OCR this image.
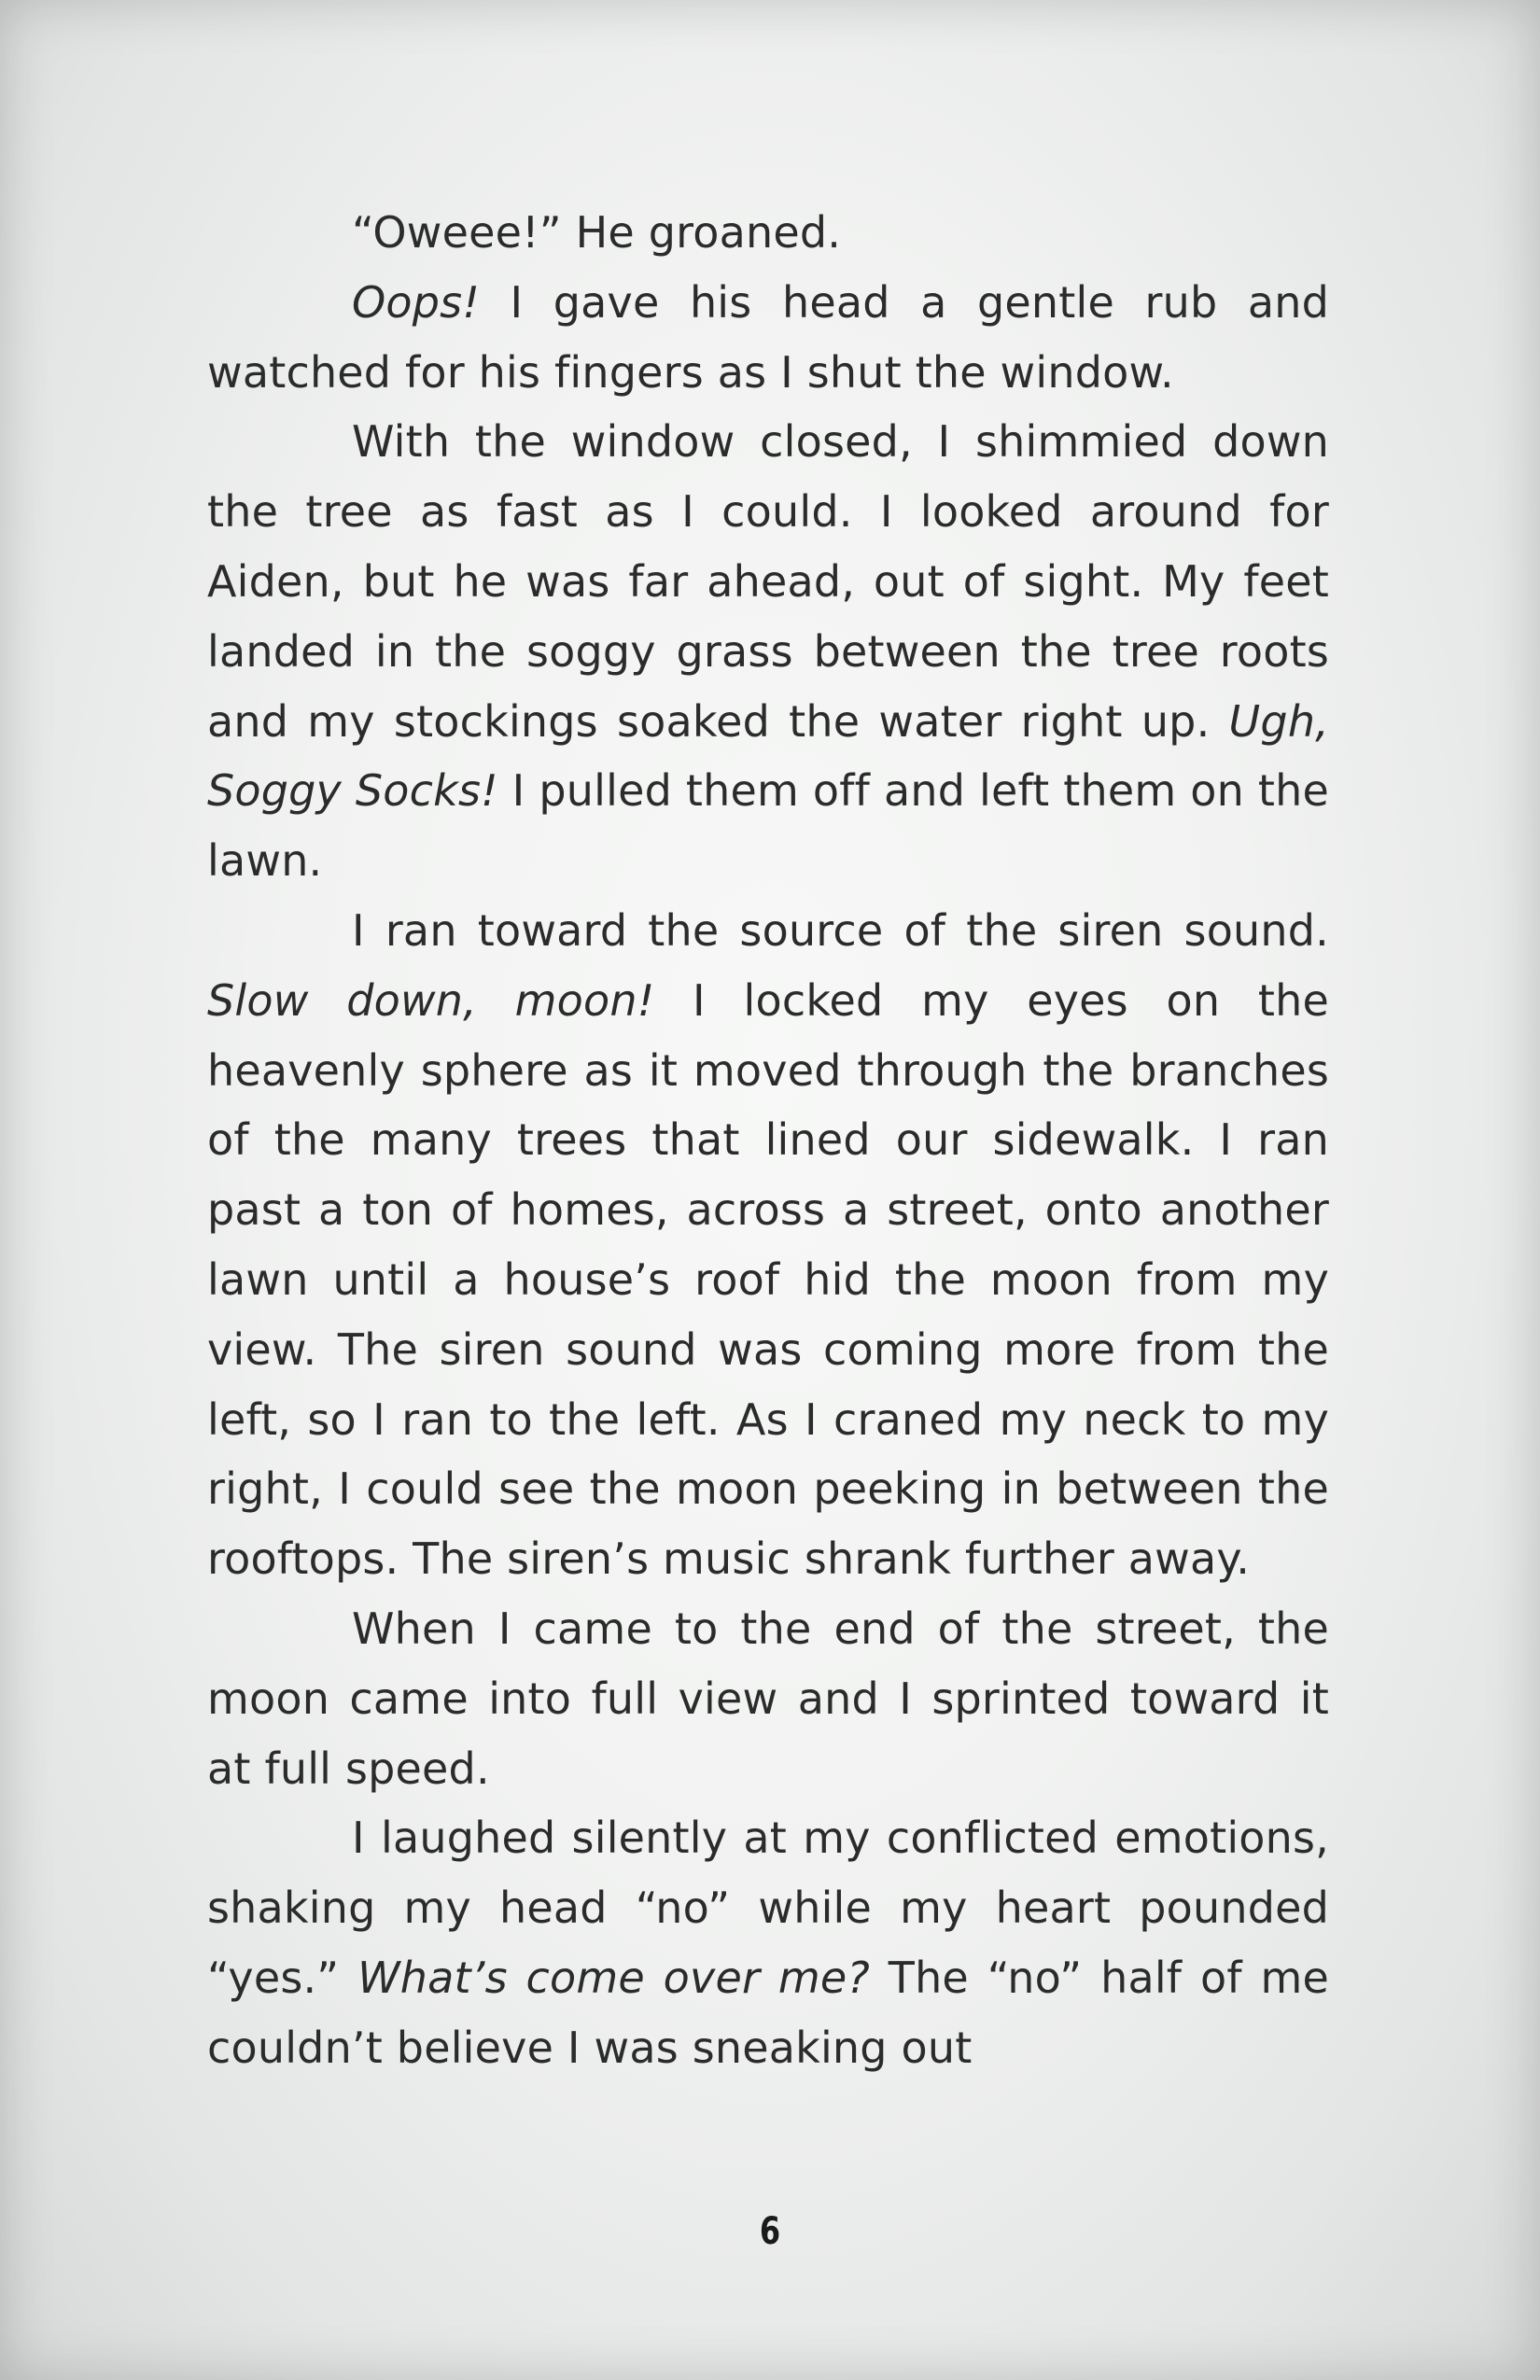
“Oweee!” He groaned.

Oops! I gave his head a gentle rub and watched for his fingers as I shut the window.

With the window closed, I shimmied down the tree as fast as I could. I looked around for Aiden, but he was far ahead, out of sight. My feet landed in the soggy grass between the tree roots and my stockings soaked the water right up. Ugh, Soggy Socks! I pulled them off and left them on the lawn.

I ran toward the source of the siren sound. Slow down, moon! I locked my eyes on the heavenly sphere as it moved through the branches of the many trees that lined our sidewalk. I ran past a ton of homes, across a street, onto another lawn until a house’s roof hid the moon from my view. The siren sound was coming more from the left, so I ran to the left. As I craned my neck to my right, I could see the moon peeking in between the rooftops. The siren’s music shrank further away.

When I came to the end of the street, the moon came into full view and I sprinted toward it at full speed.

I laughed silently at my conflicted emotions, shaking my head “no” while my heart pounded “yes.” What’s come over me? The “no” half of me couldn’t believe I was sneaking out

6
